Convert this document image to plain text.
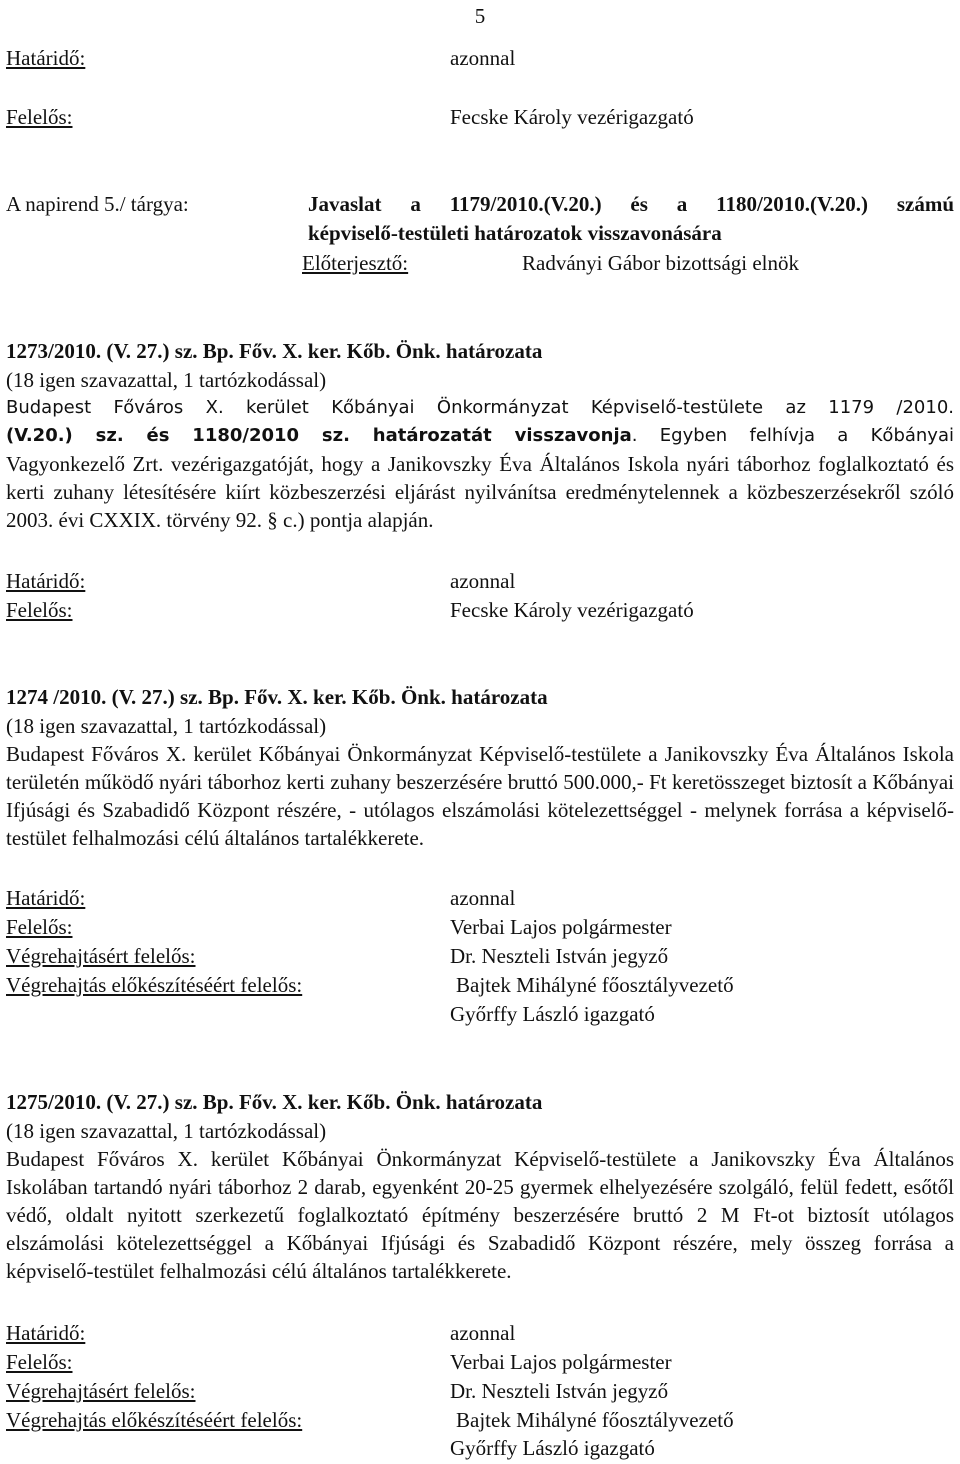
5
Határidő:	azonnal
Felelős:	Fecske Károly vezérigazgató
A napirend 5./ tárgya:	Javaslat a 1179/2010.(V.20.) és a 1180/2010.(V.20.) számú
képviselő-testületi határozatok visszavonására
Előterjesztő:	Radványi Gábor bizottsági elnök
1273/2010. (V. 27.) sz. Bp. Főv. X. ker. Kőb. Önk. határozata
(18 igen szavazattal, 1 tartózkodással)
Budapest Főváros X. kerület Kőbányai Önkormányzat Képviselő-testülete az 1179 /2010.
(V.20.) sz. és 1180/2010 sz. határozatát visszavonja. Egyben felhívja a Kőbányai

Vagyonkezelő Zrt. vezérigazgatóját, hogy a Janikovszky Éva Általános Iskola nyári táborhoz foglalkoztató és kerti zuhany létesítésére kiírt közbeszerzési eljárást nyilvánítsa eredménytelennek a közbeszerzésekről szóló 2003. évi CXXIX. törvény 92. § c.) pontja alapján.

Határidő:	azonnal
Felelős:	Fecske Károly vezérigazgató
1274 /2010. (V. 27.) sz. Bp. Főv. X. ker. Kőb. Önk. határozata
(18 igen szavazattal, 1 tartózkodással)

Budapest Főváros X. kerület Kőbányai Önkormányzat Képviselő-testülete a Janikovszky Éva Általános Iskola területén működő nyári táborhoz kerti zuhany beszerzésére bruttó 500.000,- Ft keretösszeget biztosít a Kőbányai Ifjúsági és Szabadidő Központ részére, - utólagos elszámolási kötelezettséggel - melynek forrása a képviselő-testület felhalmozási célú általános tartalékkerete.

Határidő:	azonnal
Felelős:	Verbai Lajos polgármester
Végrehajtásért felelős:	Dr. Neszteli István jegyző
Végrehajtás előkészítéséért felelős:	Bajtek Mihályné főosztályvezető
Győrffy László igazgató
1275/2010. (V. 27.) sz. Bp. Főv. X. ker. Kőb. Önk. határozata
(18 igen szavazattal, 1 tartózkodással)

Budapest Főváros X. kerület Kőbányai Önkormányzat Képviselő-testülete a Janikovszky Éva Általános Iskolában tartandó nyári táborhoz 2 darab, egyenként 20-25 gyermek elhelyezésére szolgáló, felül fedett, esőtől védő, oldalt nyitott szerkezetű foglalkoztató építmény beszerzésére bruttó 2 M Ft-ot biztosít utólagos elszámolási kötelezettséggel a Kőbányai Ifjúsági és Szabadidő Központ részére, mely összeg forrása a képviselő-testület felhalmozási célú általános tartalékkerete.

Határidő:	azonnal
Felelős:	Verbai Lajos polgármester
Végrehajtásért felelős:	Dr. Neszteli István jegyző
Végrehajtás előkészítéséért felelős:	Bajtek Mihályné főosztályvezető
Győrffy László igazgató
